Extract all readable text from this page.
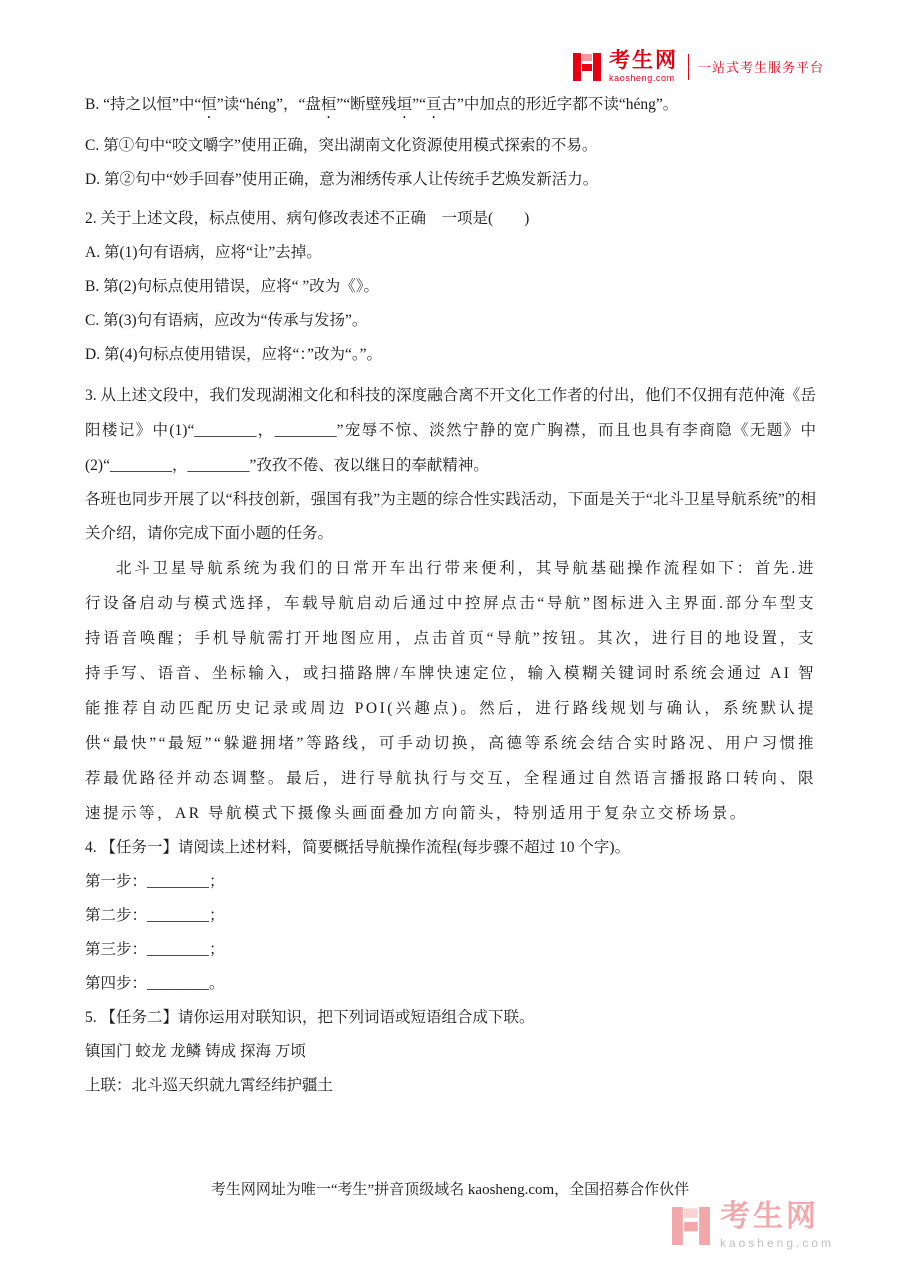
考生网
kaosheng.com
一站式考生服务平台

B. “持之以恒”中“恒”读“héng”，“盘桓”“断壁残垣”“亘古”中加点的形近字都不读“héng”。

C. 第①句中“咬文嚼字”使用正确，突出湖南文化资源使用模式探索的不易。

D. 第②句中“妙手回春”使用正确，意为湘绣传承人让传统手艺焕发新活力。

2. 关于上述文段，标点使用、病句修改表述不正确　一项是(　　)

A. 第(1)句有语病，应将“让”去掉。

B. 第(2)句标点使用错误，应将“ ”改为《》。

C. 第(3)句有语病，应改为“传承与发扬”。

D. 第(4)句标点使用错误，应将“：”改为“。”。

3. 从上述文段中，我们发现湖湘文化和科技的深度融合离不开文化工作者的付出，他们不仅拥有范仲淹《岳阳楼记》中(1)“________，________”宠辱不惊、淡然宁静的宽广胸襟，而且也具有李商隐《无题》中(2)“________，________”孜孜不倦、夜以继日的奉献精神。

各班也同步开展了以“科技创新，强国有我”为主题的综合性实践活动，下面是关于“北斗卫星导航系统”的相关介绍，请你完成下面小题的任务。

北斗卫星导航系统为我们的日常开车出行带来便利，其导航基础操作流程如下：首先.进行设备启动与模式选择，车载导航启动后通过中控屏点击“导航”图标进入主界面.部分车型支持语音唤醒；手机导航需打开地图应用，点击首页“导航”按钮。其次，进行目的地设置，支持手写、语音、坐标输入，或扫描路牌/车牌快速定位，输入模糊关键词时系统会通过 AI 智能推荐自动匹配历史记录或周边 POI(兴趣点)。然后，进行路线规划与确认，系统默认提供“最快”“最短”“躲避拥堵”等路线，可手动切换，高德等系统会结合实时路况、用户习惯推荐最优路径并动态调整。最后，进行导航执行与交互，全程通过自然语言播报路口转向、限速提示等，AR 导航模式下摄像头画面叠加方向箭头，特别适用于复杂立交桥场景。

4. 【任务一】请阅读上述材料，简要概括导航操作流程(每步骤不超过 10 个字)。

第一步：________；

第二步：________；

第三步：________；

第四步：________。

5. 【任务二】请你运用对联知识，把下列词语或短语组合成下联。

镇国门 蛟龙 龙鳞 铸成 探海 万顷

上联：北斗巡天织就九霄经纬护疆土

考生网网址为唯一“考生”拼音顶级域名 kaosheng.com，全国招募合作伙伴
考生网
kaosheng.com
